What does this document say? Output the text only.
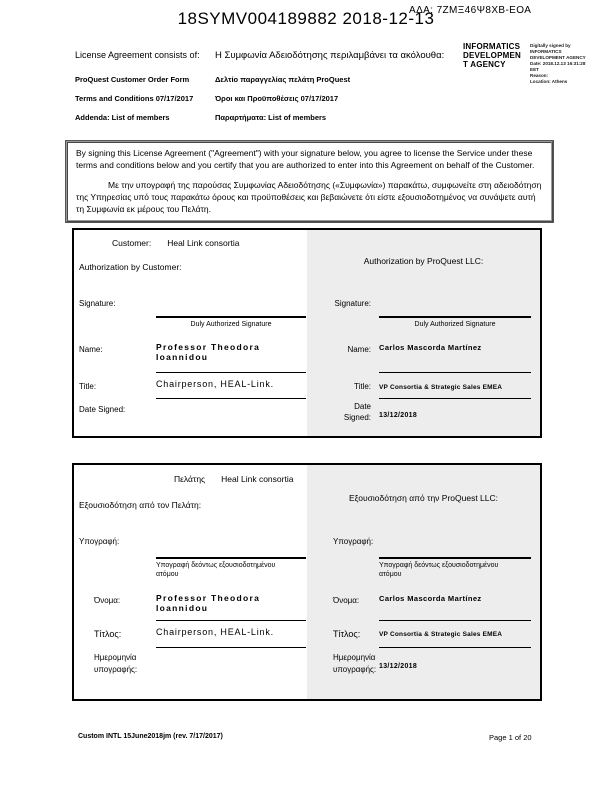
18SYMV004189882 2018-12-13
ΑΔΑ: 7ΖΜΞ46Ψ8ΧΒ-ΕΟΑ
INFORMATICS
DEVELOPMEN
T AGENCY
Digitally signed by
INFORMATICS
DEVELOPMENT AGENCY
Date: 2018.12.13 16:31:28
EET
Reason:
Location: Athens
License Agreement consists of:	Η Συμφωνία Αδειοδότησης περιλαμβάνει τα ακόλουθα:
ProQuest Customer Order Form	Δελτίο παραγγελίας πελάτη ProQuest
Terms and Conditions 07/17/2017	Όροι και Προϋποθέσεις 07/17/2017
Addenda: List of members	Παραρτήματα: List of members
By signing this License Agreement ("Agreement") with your signature below, you agree to license the Service under these terms and conditions below and you certify that you are authorized to enter into this Agreement on behalf of the Customer.
Με την υπογραφή της παρούσας Συμφωνίας Αδειοδότησης («Συμφωνία») παρακάτω, συμφωνείτε στη αδειοδότηση της Υπηρεσίας υπό τους παρακάτω όρους και προϋποθέσεις και βεβαιώνετε ότι είστε εξουσιοδοτημένος να συνάψετε αυτή τη Συμφωνία εκ μέρους του Πελάτη.
Customer: Heal Link consortia
Authorization by Customer:
Signature:
Duly Authorized Signature
Name:	Professor Theodora Ioannidou
Title:	Chairperson, HEAL-Link.
Date Signed:
Authorization by ProQuest LLC:
Signature:
Duly Authorized Signature
Name: Carlos Mascorda Martínez
Title: VP Consortia & Strategic Sales EMEA
Date Signed: 13/12/2018
Πελάτης Heal Link consortia
Εξουσιοδότηση από τον Πελάτη:
Υπογραφή:
Υπογραφή δεόντως εξουσιοδοτημένου ατόμου
Όνομα:	Professor Theodora Ioannidou
Τίτλος:	Chairperson, HEAL-Link.
Ημερομηνία υπογραφής:
Εξουσιοδότηση από την ProQuest LLC:
Υπογραφή:
Υπογραφή δεόντως εξουσιοδοτημένου ατόμου
Όνομα:	Carlos Mascorda Martínez
Τίτλος:	VP Consortia & Strategic Sales EMEA
Ημερομηνία υπογραφής: 13/12/2018
Custom INTL 15June2018jm (rev. 7/17/2017)	Page 1 of 20
